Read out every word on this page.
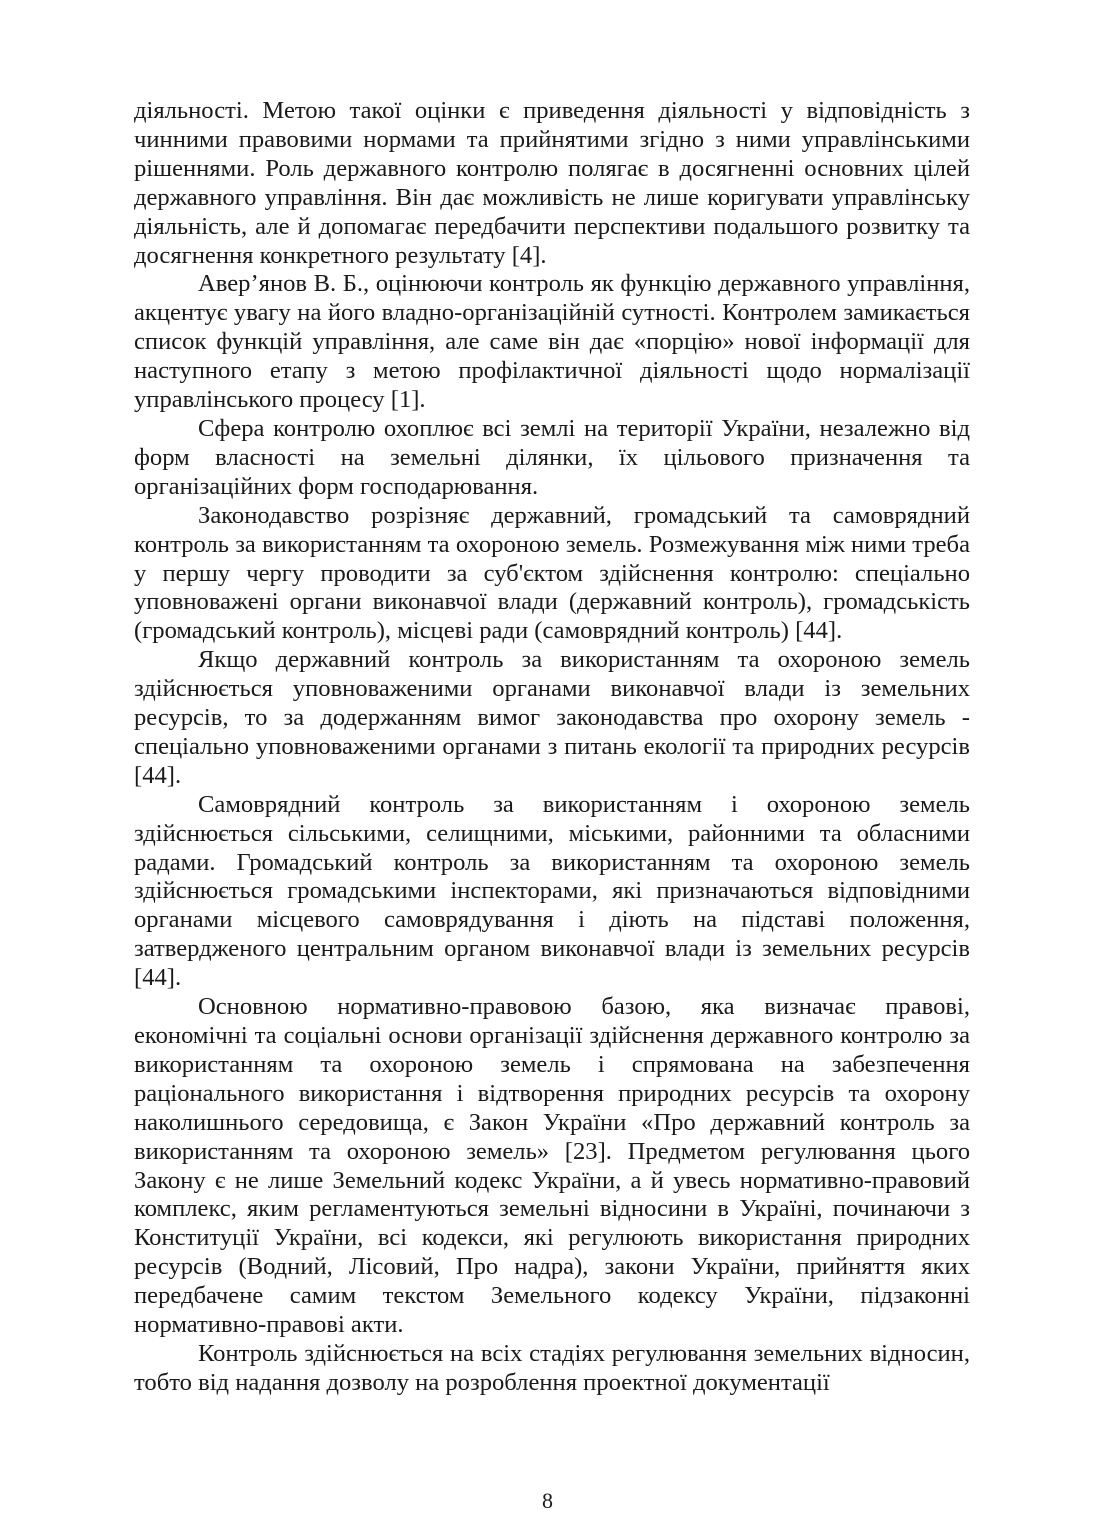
діяльності. Метою такої оцінки є приведення діяльності у відповідність з чинними правовими нормами та прийнятими згідно з ними управлінськими рішеннями. Роль державного контролю полягає в досягненні основних цілей державного управління. Він дає можливість не лише коригувати управлінську діяльність, але й допомагає передбачити перспективи подальшого розвитку та досягнення конкретного результату [4].

Авер’янов В. Б., оцінюючи контроль як функцію державного управління, акцентує увагу на його владно-організаційній сутності. Контролем замикається список функцій управління, але саме він дає «порцію» нової інформації для наступного етапу з метою профілактичної діяльності щодо нормалізації управлінського процесу [1].

Сфера контролю охоплює всі землі на території України, незалежно від форм власності на земельні ділянки, їх цільового призначення та організаційних форм господарювання.

Законодавство розрізняє державний, громадський та самоврядний контроль за використанням та охороною земель. Розмежування між ними треба у першу чергу проводити за суб'єктом здійснення контролю: спеціально уповноважені органи виконавчої влади (державний контроль), громадськість (громадський контроль), місцеві ради (самоврядний контроль) [44].

Якщо державний контроль за використанням та охороною земель здійснюється уповноваженими органами виконавчої влади із земельних ресурсів, то за додержанням вимог законодавства про охорону земель - спеціально уповноваженими органами з питань екології та природних ресурсів [44].

Самоврядний контроль за використанням і охороною земель здійснюється сільськими, селищними, міськими, районними та обласними радами. Громадський контроль за використанням та охороною земель здійснюється громадськими інспекторами, які призначаються відповідними органами місцевого самоврядування і діють на підставі положення, затвердженого центральним органом виконавчої влади із земельних ресурсів [44].

Основною нормативно-правовою базою, яка визначає правові, економічні та соціальні основи організації здійснення державного контролю за використанням та охороною земель і спрямована на забезпечення раціонального використання і відтворення природних ресурсів та охорону наколишнього середовища, є Закон України «Про державний контроль за використанням та охороною земель» [23]. Предметом регулювання цього Закону є не лише Земельний кодекс України, а й увесь нормативно-правовий комплекс, яким регламентуються земельні відносини в Україні, починаючи з Конституції України, всі кодекси, які регулюють використання природних ресурсів (Водний, Лісовий, Про надра), закони України, прийняття яких передбачене самим текстом Земельного кодексу України, підзаконні нормативно-правові акти.

Контроль здійснюється на всіх стадіях регулювання земельних відносин, тобто від надання дозволу на розроблення проектної документації

8
